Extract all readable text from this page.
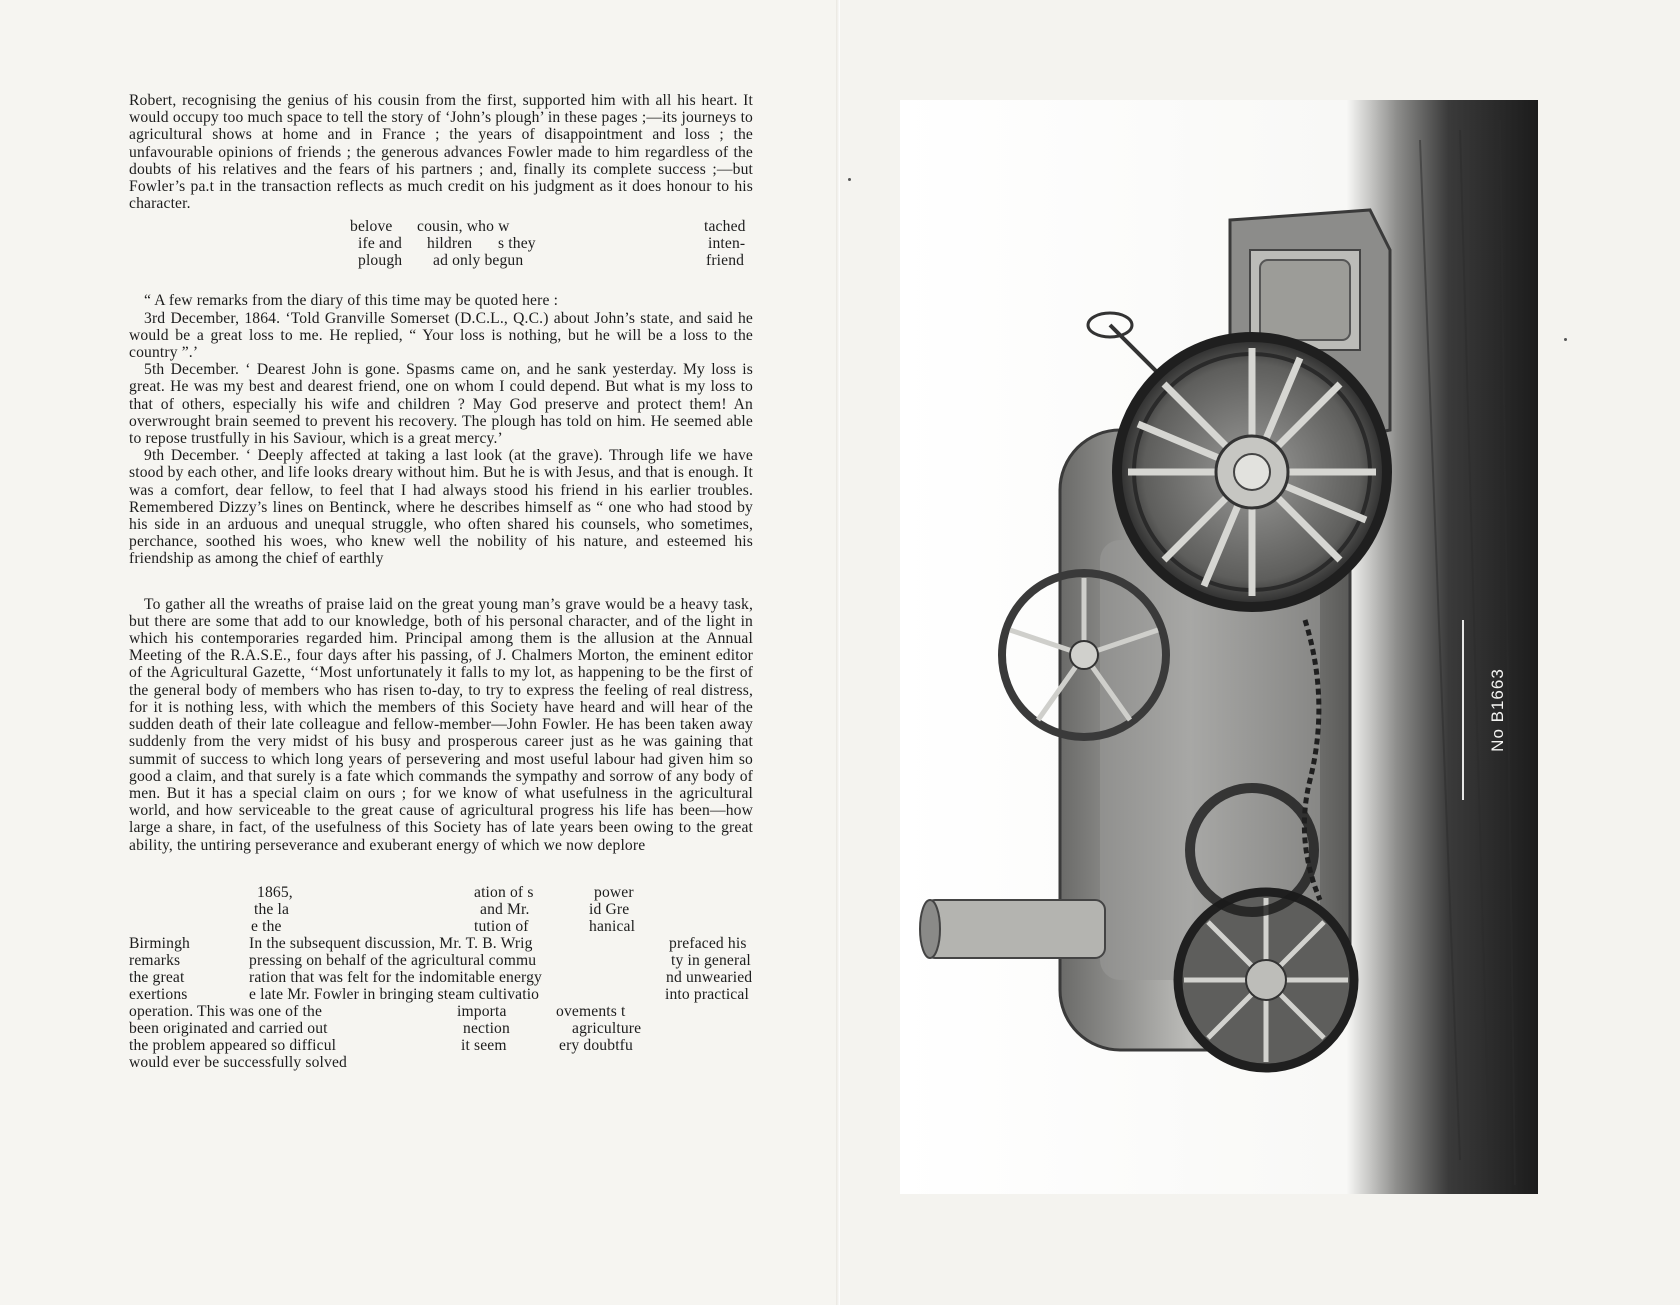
Robert, recognising the genius of his cousin from the first, supported him with all his heart. It would occupy too much space to tell the story of ‘John’s plough’ in these pages ;—its journeys to agricultural shows at home and in France ; the years of disappointment and loss ; the unfavourable opinions of friends ; the generous advances Fowler made to him regardless of the doubts of his relatives and the fears of his partners ; and, finally its complete success ;—but Fowler’s pa.t in the transaction reflects as much credit on his judgment as it does honour to his character.

belove cousin, who w	tached
ife and hildren s they	inten-
plough ad only begun	friend

“ A few remarks from the diary of this time may be quoted here :

3rd December, 1864. ‘Told Granville Somerset (D.C.L., Q.C.) about John’s state, and said he would be a great loss to me. He replied, “ Your loss is nothing, but he will be a loss to the country ”.’

5th December. ‘ Dearest John is gone. Spasms came on, and he sank yesterday. My loss is great. He was my best and dearest friend, one on whom I could depend. But what is my loss to that of others, especially his wife and children ? May God preserve and protect them! An overwrought brain seemed to prevent his recovery. The plough has told on him. He seemed able to repose trustfully in his Saviour, which is a great mercy.’

9th December. ‘ Deeply affected at taking a last look (at the grave). Through life we have stood by each other, and life looks dreary without him. But he is with Jesus, and that is enough. It was a comfort, dear fellow, to feel that I had always stood his friend in his earlier troubles. Remembered Dizzy’s lines on Bentinck, where he describes himself as “ one who had stood by his side in an arduous and unequal struggle, who often shared his counsels, who sometimes, perchance, soothed his woes, who knew well the nobility of his nature, and esteemed his friendship as among the chief of earthly

To gather all the wreaths of praise laid on the great young man’s grave would be a heavy task, but there are some that add to our knowledge, both of his personal character, and of the light in which his contemporaries regarded him. Principal among them is the allusion at the Annual Meeting of the R.A.S.E., four days after his passing, of J. Chalmers Morton, the eminent editor of the Agricultural Gazette, ‘‘Most unfortunately it falls to my lot, as happening to be the first of the general body of members who has risen to-day, to try to express the feeling of real distress, for it is nothing less, with which the members of this Society have heard and will hear of the sudden death of their late colleague and fellow-member—John Fowler. He has been taken away suddenly from the very midst of his busy and prosperous career just as he was gaining that summit of success to which long years of persevering and most useful labour had given him so good a claim, and that surely is a fate which commands the sympathy and sorrow of any body of men. But it has a special claim on ours ; for we know of what usefulness in the agricultural world, and how serviceable to the great cause of agricultural progress his life has been—how large a share, in fact, of the usefulness of this Society has of late years been owing to the great ability, the untiring perseverance and exuberant energy of which we now deplore

1865,	ation of s	power
the la	and Mr.	id Gre
e the	tution of	hanical
Birmingh	In the subsequent discussion, Mr. T. B. Wrig	prefaced his
remarks	pressing on behalf of the agricultural commu	ty in general
the great	ration that was felt for the indomitable energy	nd unwearied
exertions	e late Mr. Fowler in bringing steam cultivatio	into practical
operation. This was one of the	importa	ovements t
been originated and carried out	nection	agriculture
the problem appeared so difficul	it seem	ery doubtfu
would ever be successfully solved
No B1663
